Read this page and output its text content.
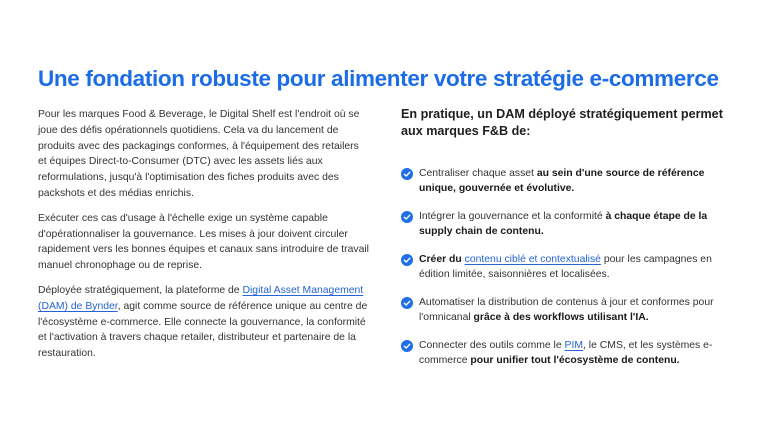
Une fondation robuste pour alimenter votre stratégie e-commerce

Pour les marques Food & Beverage, le Digital Shelf est l'endroit où se joue des défis opérationnels quotidiens. Cela va du lancement de produits avec des packagings conformes, à l'équipement des retailers et équipes Direct-to-Consumer (DTC) avec les assets liés aux reformulations, jusqu'à l'optimisation des fiches produits avec des packshots et des médias enrichis.

Exécuter ces cas d'usage à l'échelle exige un système capable d'opérationnaliser la gouvernance. Les mises à jour doivent circuler rapidement vers les bonnes équipes et canaux sans introduire de travail manuel chronophage ou de reprise.

Déployée stratégiquement, la plateforme de Digital Asset Management (DAM) de Bynder, agit comme source de référence unique au centre de l'écosystème e-commerce. Elle connecte la gouvernance, la conformité et l'activation à travers chaque retailer, distributeur et partenaire de la restauration.

En pratique, un DAM déployé stratégiquement permet aux marques F&B de:
Centraliser chaque asset au sein d'une source de référence unique, gouvernée et évolutive.
Intégrer la gouvernance et la conformité à chaque étape de la supply chain de contenu.
Créer du contenu ciblé et contextualisé pour les campagnes en édition limitée, saisonnières et localisées.
Automatiser la distribution de contenus à jour et conformes pour l'omnicanal grâce à des workflows utilisant l'IA.
Connecter des outils comme le PIM, le CMS, et les systèmes e-commerce pour unifier tout l'écosystème de contenu.
